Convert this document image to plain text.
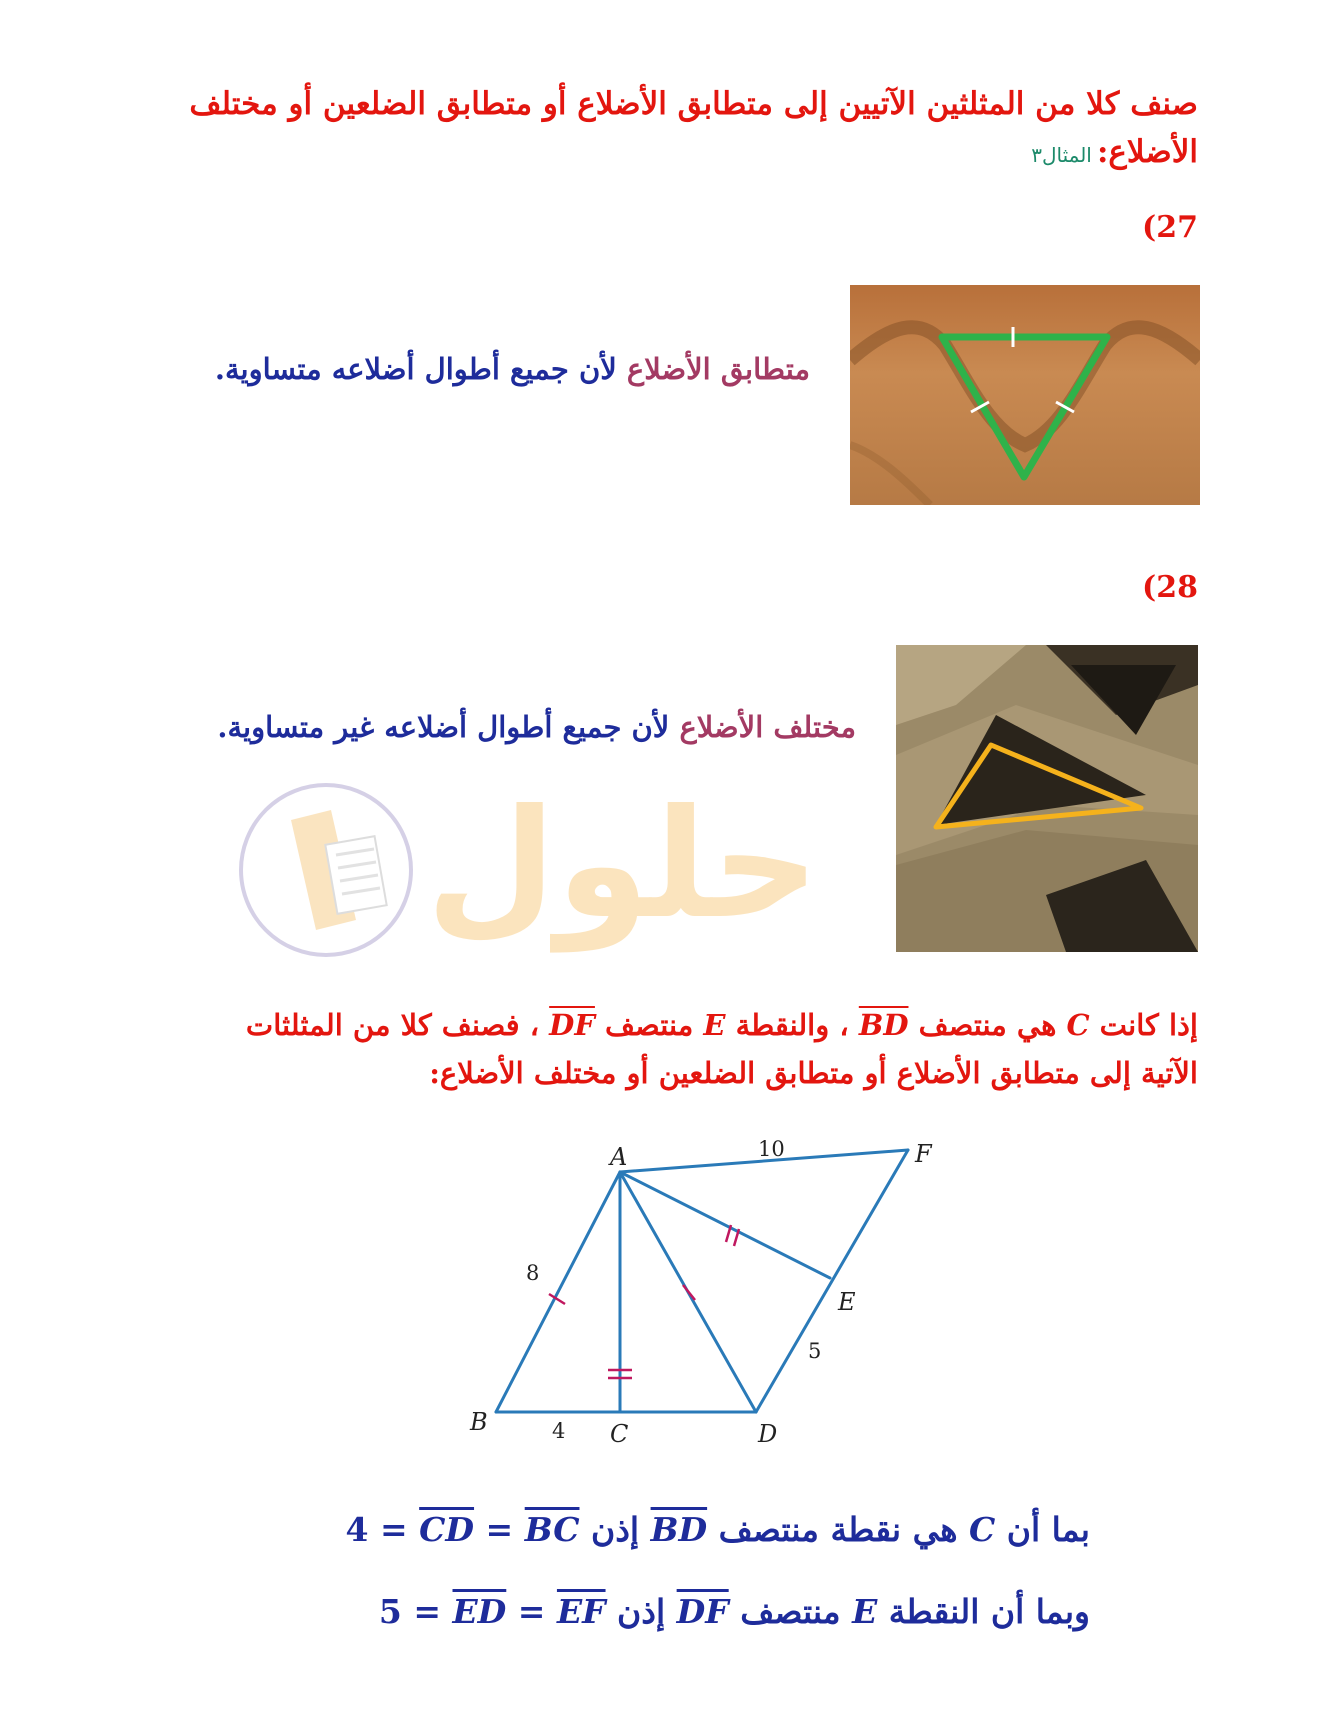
صنف كلا من المثلثين الآتيين إلى متطابق الأضلاع أو متطابق الضلعين أو مختلف
الأضلاع: المثال٣
(27
متطابق الأضلاع لأن جميع أطوال أضلاعه متساوية.
(28
مختلف الأضلاع لأن جميع أطوال أضلاعه غير متساوية.
حلول
إذا كانت C هي منتصف $\overline{BD}$ ، والنقطة E منتصف $\overline{DF}$ ، فصنف كلا من المثلثات
الآتية إلى متطابق الأضلاع أو متطابق الضلعين أو مختلف الأضلاع:
A
B	C	D
E
F
10
8
4
5
بما أن C هي نقطة منتصف $\overline{BD}$ إذن $4 = \overline{CD} = \overline{BC}$
وبما أن النقطة E منتصف $\overline{DF}$ إذن $5 = \overline{ED} = \overline{EF}$
